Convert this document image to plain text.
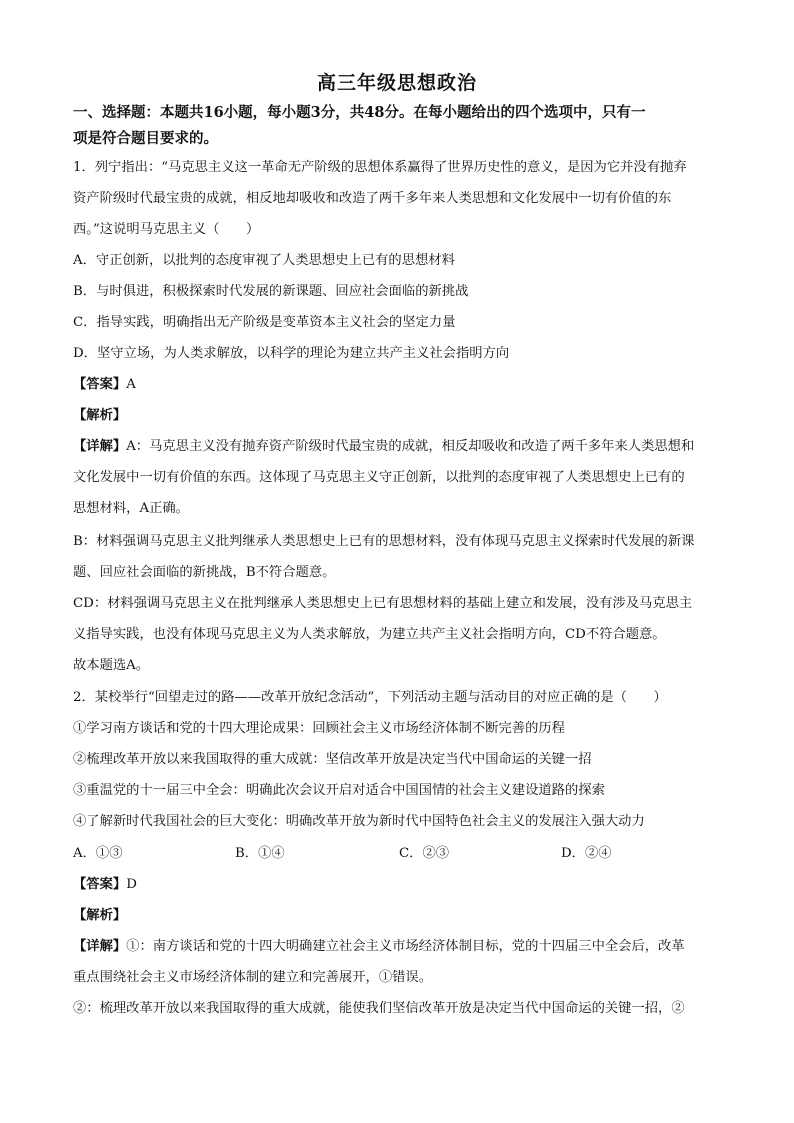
高三年级思想政治
一、选择题：本题共16小题，每小题3分，共48分。在每小题给出的四个选项中，只有一
项是符合题目要求的。
1．列宁指出：“马克思主义这一革命无产阶级的思想体系赢得了世界历史性的意义，是因为它并没有抛弃
资产阶级时代最宝贵的成就，相反地却吸收和改造了两千多年来人类思想和文化发展中一切有价值的东
西。”这说明马克思主义（　　）
A．守正创新，以批判的态度审视了人类思想史上已有的思想材料
B．与时俱进，积极探索时代发展的新课题、回应社会面临的新挑战
C．指导实践，明确指出无产阶级是变革资本主义社会的坚定力量
D．坚守立场，为人类求解放，以科学的理论为建立共产主义社会指明方向
【答案】A
【解析】
【详解】A：马克思主义没有抛弃资产阶级时代最宝贵的成就，相反却吸收和改造了两千多年来人类思想和
文化发展中一切有价值的东西。这体现了马克思主义守正创新，以批判的态度审视了人类思想史上已有的
思想材料，A正确。
B：材料强调马克思主义批判继承人类思想史上已有的思想材料，没有体现马克思主义探索时代发展的新课
题、回应社会面临的新挑战，B不符合题意。
CD：材料强调马克思主义在批判继承人类思想史上已有思想材料的基础上建立和发展，没有涉及马克思主
义指导实践，也没有体现马克思主义为人类求解放，为建立共产主义社会指明方向，CD不符合题意。
故本题选A。
2．某校举行“回望走过的路——改革开放纪念活动”，下列活动主题与活动目的对应正确的是（　　）
①学习南方谈话和党的十四大理论成果：回顾社会主义市场经济体制不断完善的历程
②梳理改革开放以来我国取得的重大成就：坚信改革开放是决定当代中国命运的关键一招
③重温党的十一届三中全会：明确此次会议开启对适合中国国情的社会主义建设道路的探索
④了解新时代我国社会的巨大变化：明确改革开放为新时代中国特色社会主义的发展注入强大动力
A．①③	B．①④	C．②③	D．②④
【答案】D
【解析】
【详解】①：南方谈话和党的十四大明确建立社会主义市场经济体制目标，党的十四届三中全会后，改革
重点围绕社会主义市场经济体制的建立和完善展开，①错误。
②：梳理改革开放以来我国取得的重大成就，能使我们坚信改革开放是决定当代中国命运的关键一招，②
